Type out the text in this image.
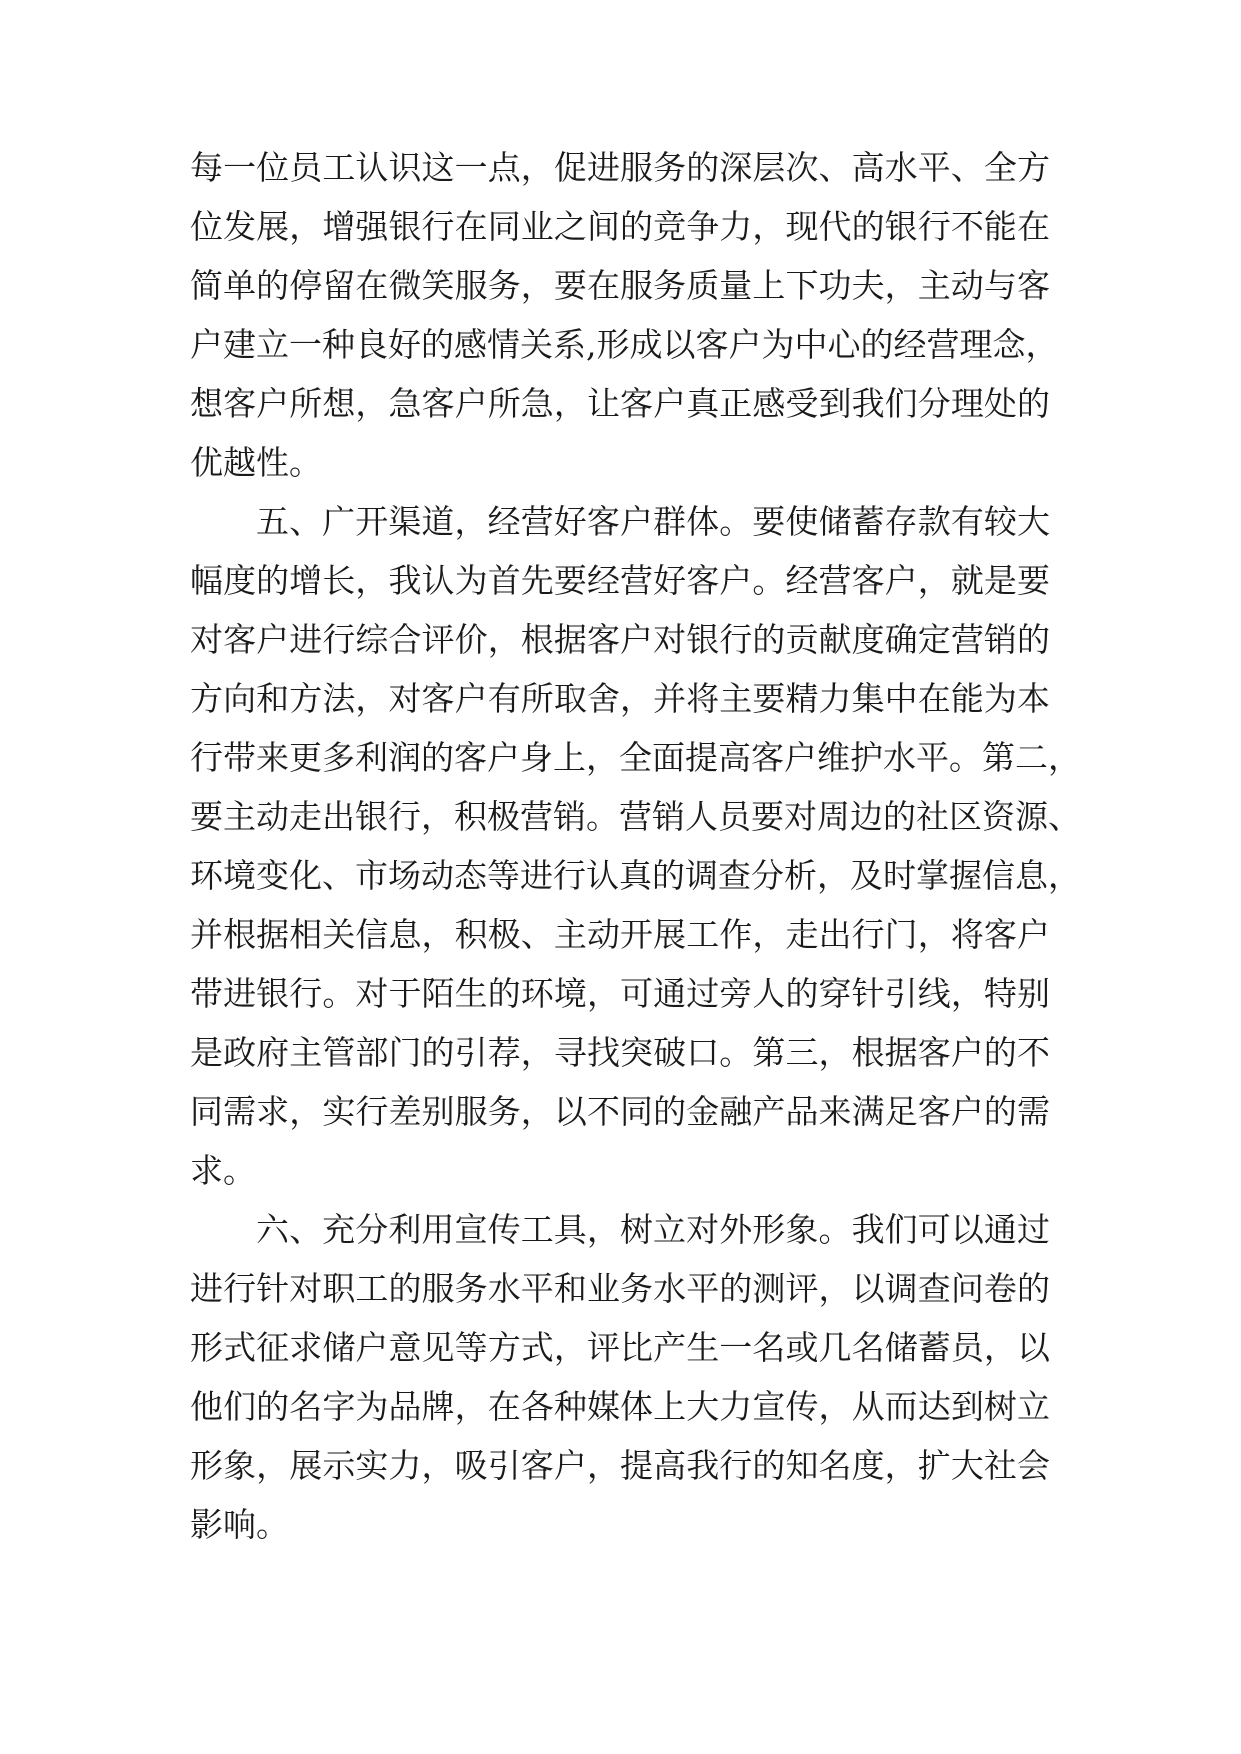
每一位员工认识这一点，促进服务的深层次、高水平、全方
位发展，增强银行在同业之间的竞争力，现代的银行不能在
简单的停留在微笑服务，要在服务质量上下功夫，主动与客
户建立一种良好的感情关系,形成以客户为中心的经营理念，
想客户所想，急客户所急，让客户真正感受到我们分理处的
优越性。
五、广开渠道，经营好客户群体。要使储蓄存款有较大
幅度的增长，我认为首先要经营好客户。经营客户，就是要
对客户进行综合评价，根据客户对银行的贡献度确定营销的
方向和方法，对客户有所取舍，并将主要精力集中在能为本
行带来更多利润的客户身上，全面提高客户维护水平。第二，
要主动走出银行，积极营销。营销人员要对周边的社区资源、
环境变化、市场动态等进行认真的调查分析，及时掌握信息，
并根据相关信息，积极、主动开展工作，走出行门，将客户
带进银行。对于陌生的环境，可通过旁人的穿针引线，特别
是政府主管部门的引荐，寻找突破口。第三，根据客户的不
同需求，实行差别服务，以不同的金融产品来满足客户的需
求。
六、充分利用宣传工具，树立对外形象。我们可以通过
进行针对职工的服务水平和业务水平的测评，以调查问卷的
形式征求储户意见等方式，评比产生一名或几名储蓄员，以
他们的名字为品牌，在各种媒体上大力宣传，从而达到树立
形象，展示实力，吸引客户，提高我行的知名度，扩大社会
影响。
